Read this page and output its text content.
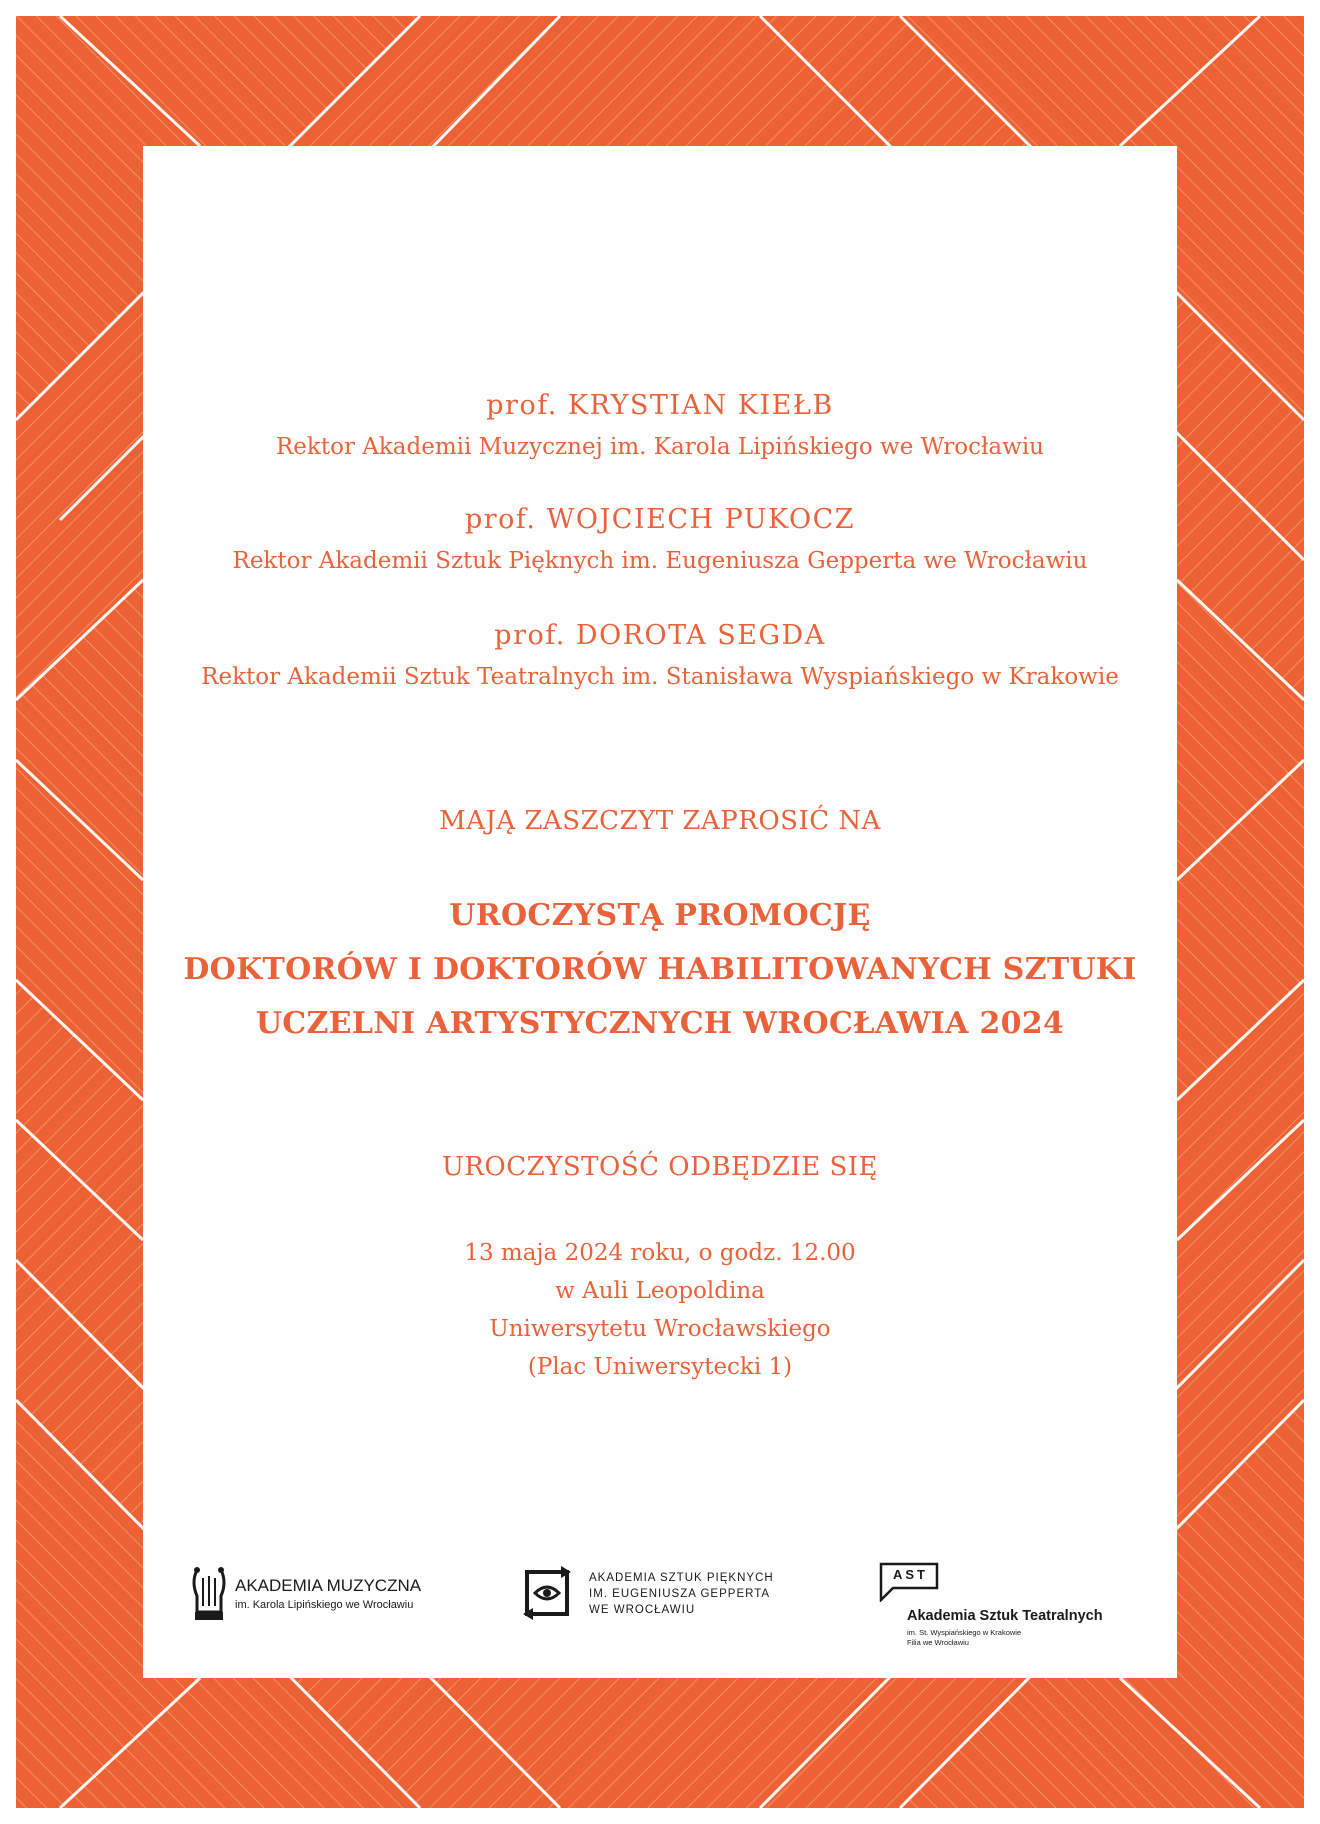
prof. KRYSTIAN KIEŁB
Rektor Akademii Muzycznej im. Karola Lipińskiego we Wrocławiu
prof. WOJCIECH PUKOCZ
Rektor Akademii Sztuk Pięknych im. Eugeniusza Gepperta we Wrocławiu
prof. DOROTA SEGDA
Rektor Akademii Sztuk Teatralnych im. Stanisława Wyspiańskiego w Krakowie
MAJĄ ZASZCZYT ZAPROSIĆ NA
UROCZYSTĄ PROMOCJĘ
DOKTORÓW I DOKTORÓW HABILITOWANYCH SZTUKI
UCZELNI ARTYSTYCZNYCH WROCŁAWIA 2024
UROCZYSTOŚĆ ODBĘDZIE SIĘ
13 maja 2024 roku, o godz. 12.00
w Auli Leopoldina
Uniwersytetu Wrocławskiego
(Plac Uniwersytecki 1)
AKADEMIA MUZYCZNA
im. Karola Lipińskiego we Wrocławiu
AKADEMIA SZTUK PIĘKNYCH
IM. EUGENIUSZA GEPPERTA
WE WROCŁAWIU
AST
Akademia Sztuk Teatralnych
im. St. Wyspiańskiego w Krakowie
Filia we Wrocławiu
